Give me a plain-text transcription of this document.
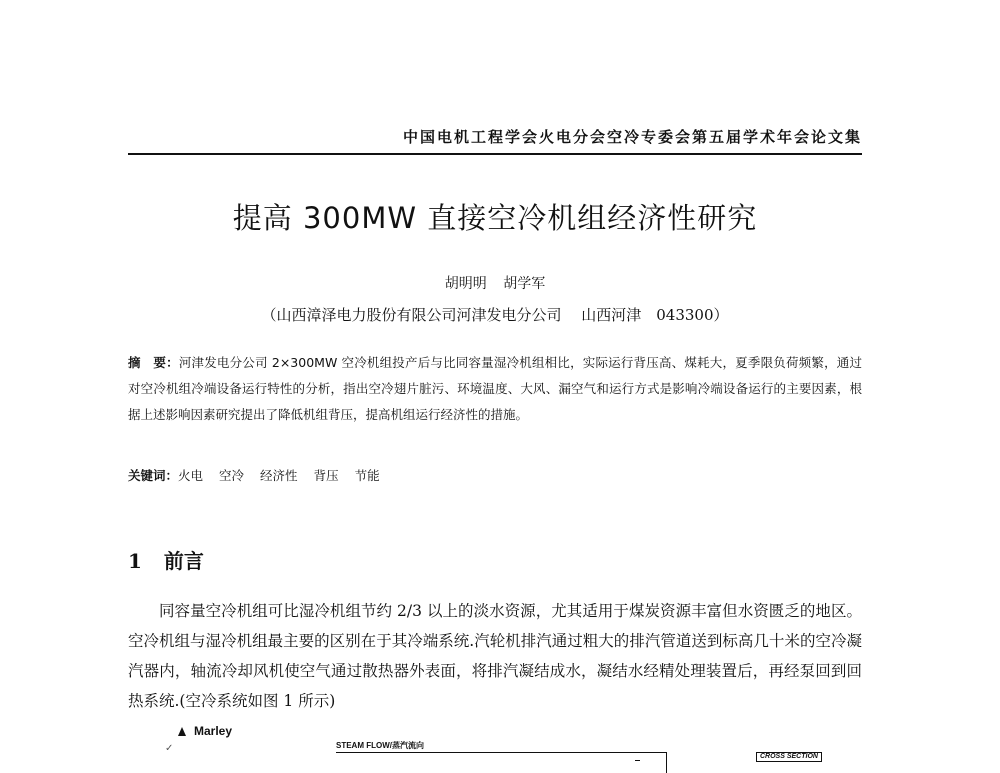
中国电机工程学会火电分会空冷专委会第五届学术年会论文集
提高 300MW 直接空冷机组经济性研究
胡明明 胡学军
（山西漳泽电力股份有限公司河津发电分公司　 山西河津　043300）
摘　要：河津发电分公司 2×300MW 空冷机组投产后与比同容量湿冷机组相比，实际运行背压高、煤耗大，夏季限负荷频繁，通过对空冷机组冷端设备运行特性的分析，指出空冷翅片脏污、环境温度、大风、漏空气和运行方式是影响冷端设备运行的主要因素，根据上述影响因素研究提出了降低机组背压，提高机组运行经济性的措施。
关键词：火电 空冷 经济性 背压 节能
1 前言
同容量空冷机组可比湿冷机组节约 2/3 以上的淡水资源，尤其适用于煤炭资源丰富但水资匮乏的地区。空冷机组与湿冷机组最主要的区别在于其冷端系统.汽轮机排汽通过粗大的排汽管道送到标高几十米的空冷凝汽器内，轴流冷却风机使空气通过散热器外表面，将排汽凝结成水，凝结水经精处理装置后，再经泵回到回热系统.(空冷系统如图 1 所示)
Marley
✓	STEAM FLOW/蒸汽流向
CROSS SECTION
